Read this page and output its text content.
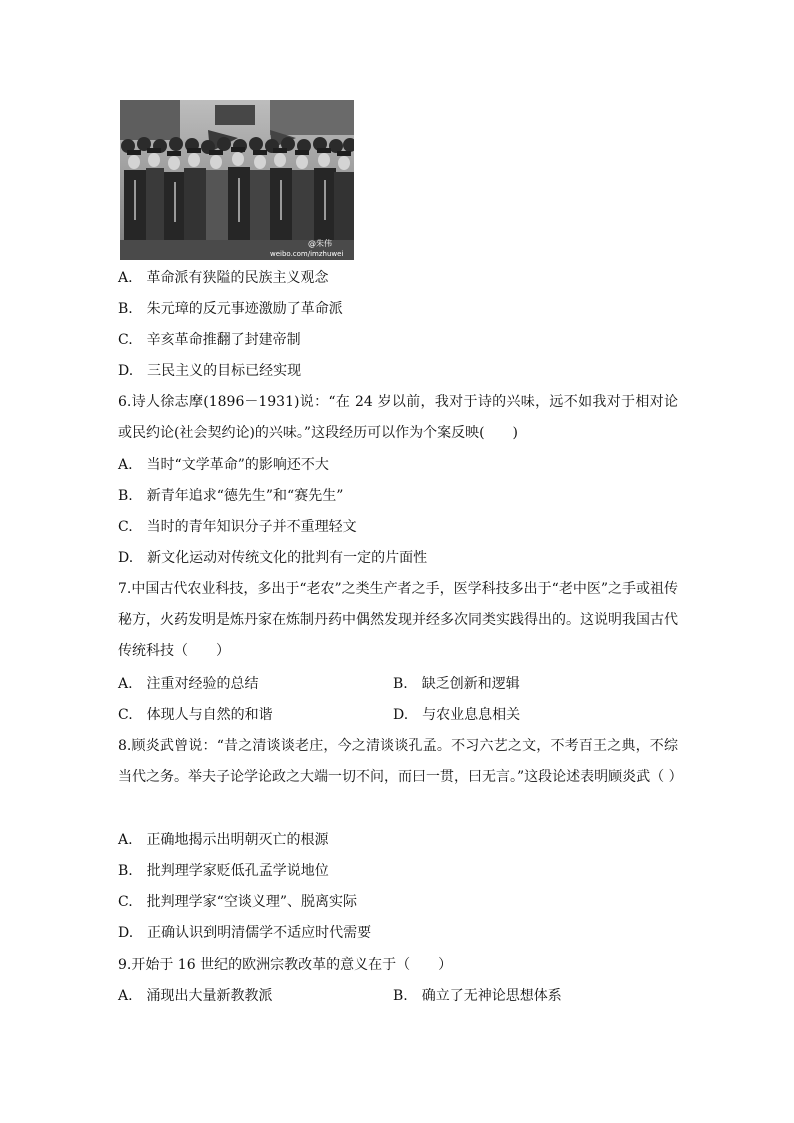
@朱伟
weibo.com/imzhuwei
A.　革命派有狭隘的民族主义观念
B.　朱元璋的反元事迹激励了革命派
C.　辛亥革命推翻了封建帝制
D.　三民主义的目标已经实现
6.诗人徐志摩(1896－1931)说：“在 24 岁以前，我对于诗的兴味，远不如我对于相对论或民约论(社会契约论)的兴味。”这段经历可以作为个案反映(　　)
A.　当时“文学革命”的影响还不大
B.　新青年追求“德先生”和“赛先生”
C.　当时的青年知识分子并不重理轻文
D.　新文化运动对传统文化的批判有一定的片面性
7.中国古代农业科技，多出于“老农”之类生产者之手，医学科技多出于“老中医”之手或祖传秘方，火药发明是炼丹家在炼制丹药中偶然发现并经多次同类实践得出的。这说明我国古代传统科技（　　）
A.　注重对经验的总结	B.　缺乏创新和逻辑
C.　体现人与自然的和谐	D.　与农业息息相关
8.顾炎武曾说：“昔之清谈谈老庄，今之清谈谈孔孟。不习六艺之文，不考百王之典，不综当代之务。举夫子论学论政之大端一切不问，而曰一贯，曰无言。”这段论述表明顾炎武（ ）
A.　正确地揭示出明朝灭亡的根源
B.　批判理学家贬低孔孟学说地位
C.　批判理学家“空谈义理”、脱离实际
D.　正确认识到明清儒学不适应时代需要
9.开始于 16 世纪的欧洲宗教改革的意义在于（　　）
A.　涌现出大量新教教派	B.　确立了无神论思想体系
